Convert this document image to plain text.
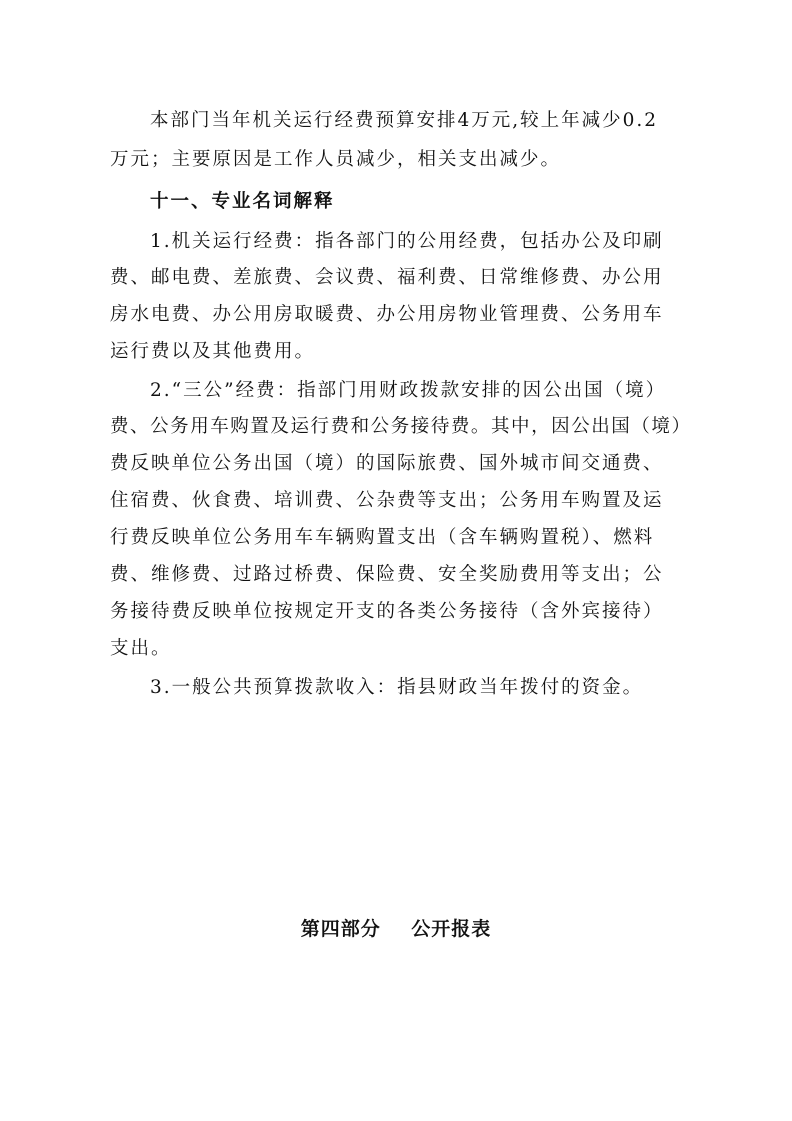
本部门当年机关运行经费预算安排4万元,较上年减少0.2
万元；主要原因是工作人员减少，相关支出减少。
十一、专业名词解释
1.机关运行经费：指各部门的公用经费，包括办公及印刷
费、邮电费、差旅费、会议费、福利费、日常维修费、办公用
房水电费、办公用房取暖费、办公用房物业管理费、公务用车
运行费以及其他费用。
2.“三公”经费：指部门用财政拨款安排的因公出国（境）
费、公务用车购置及运行费和公务接待费。其中，因公出国（境）
费反映单位公务出国（境）的国际旅费、国外城市间交通费、
住宿费、伙食费、培训费、公杂费等支出；公务用车购置及运
行费反映单位公务用车车辆购置支出（含车辆购置税）、燃料
费、维修费、过路过桥费、保险费、安全奖励费用等支出；公
务接待费反映单位按规定开支的各类公务接待（含外宾接待）
支出。
3.一般公共预算拨款收入：指县财政当年拨付的资金。
第四部分    公开报表
